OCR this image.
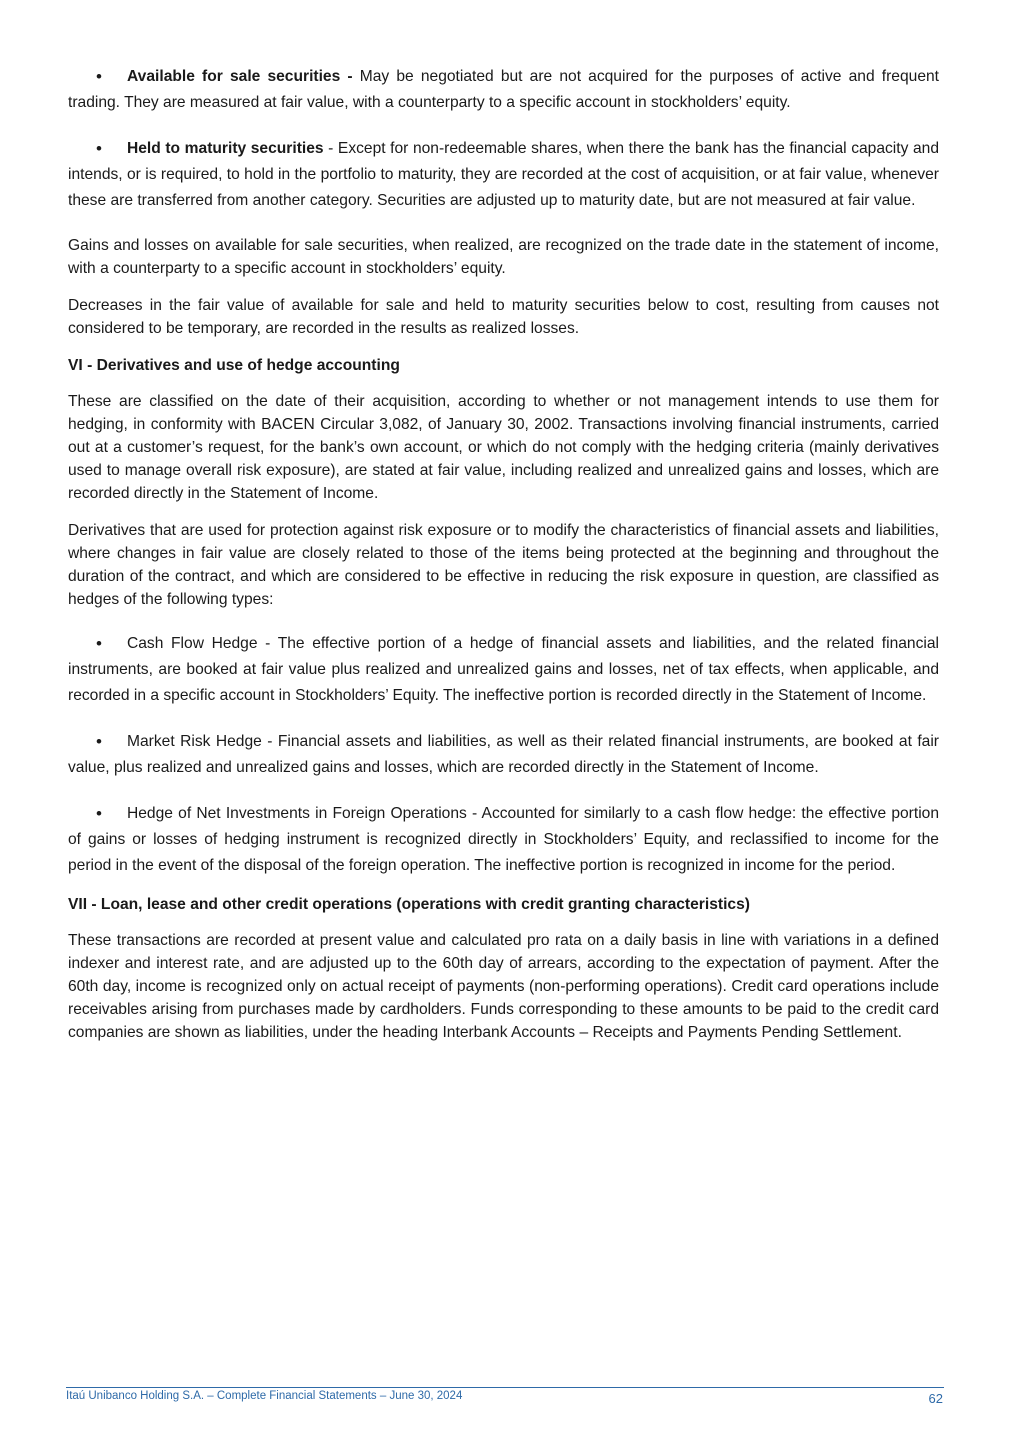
• Available for sale securities - May be negotiated but are not acquired for the purposes of active and frequent trading. They are measured at fair value, with a counterparty to a specific account in stockholders’ equity.

• Held to maturity securities - Except for non-redeemable shares, when there the bank has the financial capacity and intends, or is required, to hold in the portfolio to maturity, they are recorded at the cost of acquisition, or at fair value, whenever these are transferred from another category. Securities are adjusted up to maturity date, but are not measured at fair value.

Gains and losses on available for sale securities, when realized, are recognized on the trade date in the statement of income, with a counterparty to a specific account in stockholders’ equity.

Decreases in the fair value of available for sale and held to maturity securities below to cost, resulting from causes not considered to be temporary, are recorded in the results as realized losses.

VI - Derivatives and use of hedge accounting

These are classified on the date of their acquisition, according to whether or not management intends to use them for hedging, in conformity with BACEN Circular 3,082, of January 30, 2002. Transactions involving financial instruments, carried out at a customer’s request, for the bank’s own account, or which do not comply with the hedging criteria (mainly derivatives used to manage overall risk exposure), are stated at fair value, including realized and unrealized gains and losses, which are recorded directly in the Statement of Income.

Derivatives that are used for protection against risk exposure or to modify the characteristics of financial assets and liabilities, where changes in fair value are closely related to those of the items being protected at the beginning and throughout the duration of the contract, and which are considered to be effective in reducing the risk exposure in question, are classified as hedges of the following types:

• Cash Flow Hedge - The effective portion of a hedge of financial assets and liabilities, and the related financial instruments, are booked at fair value plus realized and unrealized gains and losses, net of tax effects, when applicable, and recorded in a specific account in Stockholders’ Equity. The ineffective portion is recorded directly in the Statement of Income.

• Market Risk Hedge - Financial assets and liabilities, as well as their related financial instruments, are booked at fair value, plus realized and unrealized gains and losses, which are recorded directly in the Statement of Income.

• Hedge of Net Investments in Foreign Operations - Accounted for similarly to a cash flow hedge: the effective portion of gains or losses of hedging instrument is recognized directly in Stockholders’ Equity, and reclassified to income for the period in the event of the disposal of the foreign operation. The ineffective portion is recognized in income for the period.

VII - Loan, lease and other credit operations (operations with credit granting characteristics)

These transactions are recorded at present value and calculated pro rata on a daily basis in line with variations in a defined indexer and interest rate, and are adjusted up to the 60th day of arrears, according to the expectation of payment. After the 60th day, income is recognized only on actual receipt of payments (non-performing operations). Credit card operations include receivables arising from purchases made by cardholders. Funds corresponding to these amounts to be paid to the credit card companies are shown as liabilities, under the heading Interbank Accounts – Receipts and Payments Pending Settlement.

Itaú Unibanco Holding S.A. – Complete Financial Statements – June 30, 2024	62
